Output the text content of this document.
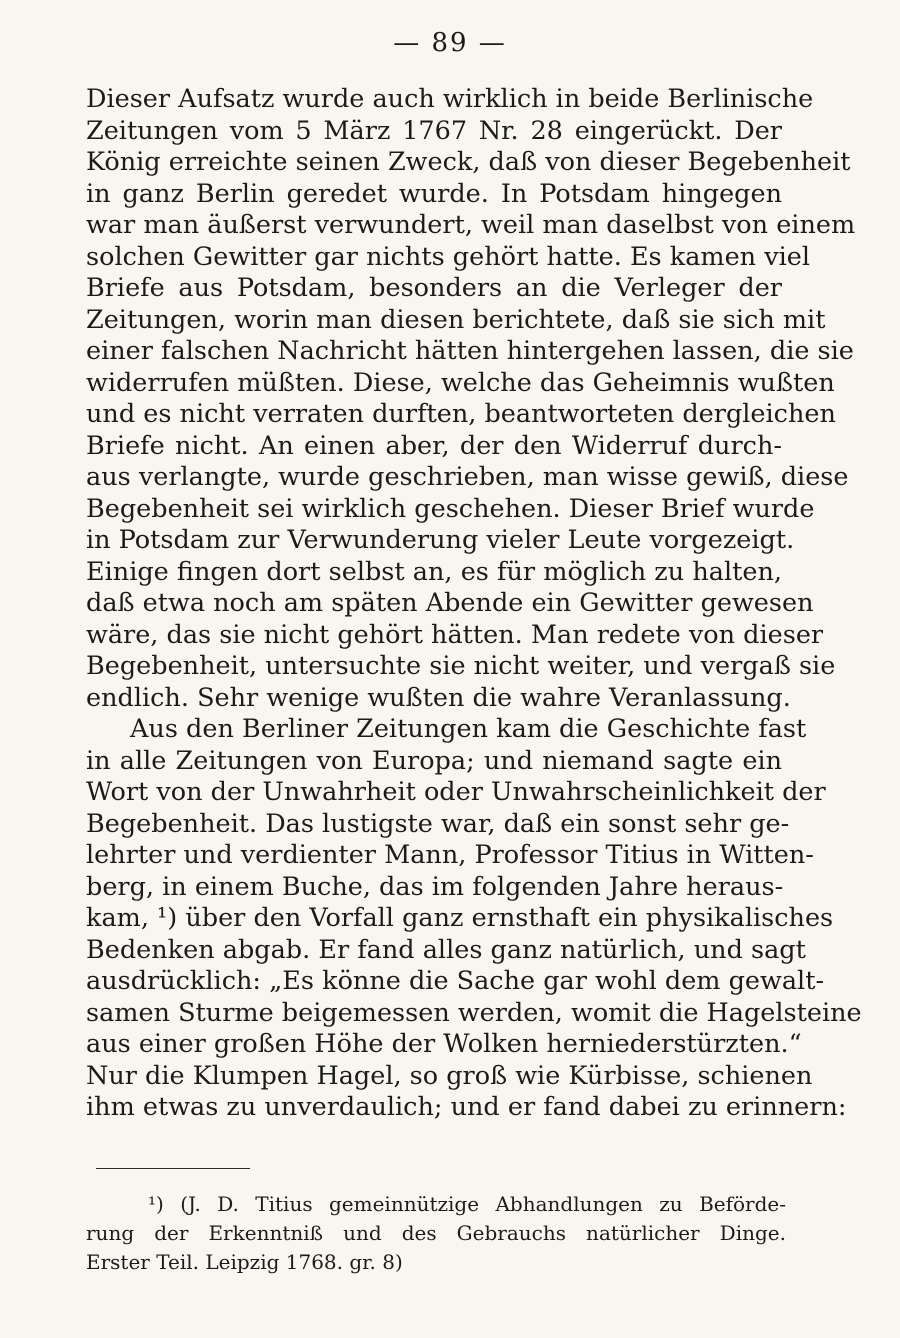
— 89 —
Dieser Aufsatz wurde auch wirklich in beide Berlinische
Zeitungen vom 5 März 1767 Nr. 28 eingerückt. Der
König erreichte seinen Zweck, daß von dieser Begebenheit
in ganz Berlin geredet wurde. In Potsdam hingegen
war man äußerst verwundert, weil man daselbst von einem
solchen Gewitter gar nichts gehört hatte. Es kamen viel
Briefe aus Potsdam, besonders an die Verleger der
Zeitungen, worin man diesen berichtete, daß sie sich mit
einer falschen Nachricht hätten hintergehen lassen, die sie
widerrufen müßten. Diese, welche das Geheimnis wußten
und es nicht verraten durften, beantworteten dergleichen
Briefe nicht. An einen aber, der den Widerruf durch-
aus verlangte, wurde geschrieben, man wisse gewiß, diese
Begebenheit sei wirklich geschehen. Dieser Brief wurde
in Potsdam zur Verwunderung vieler Leute vorgezeigt.
Einige fingen dort selbst an, es für möglich zu halten,
daß etwa noch am späten Abende ein Gewitter gewesen
wäre, das sie nicht gehört hätten. Man redete von dieser
Begebenheit, untersuchte sie nicht weiter, und vergaß sie
endlich. Sehr wenige wußten die wahre Veranlassung.
Aus den Berliner Zeitungen kam die Geschichte fast
in alle Zeitungen von Europa; und niemand sagte ein
Wort von der Unwahrheit oder Unwahrscheinlichkeit der
Begebenheit. Das lustigste war, daß ein sonst sehr ge-
lehrter und verdienter Mann, Professor Titius in Witten-
berg, in einem Buche, das im folgenden Jahre heraus-
kam, ¹) über den Vorfall ganz ernsthaft ein physikalisches
Bedenken abgab. Er fand alles ganz natürlich, und sagt
ausdrücklich: „Es könne die Sache gar wohl dem gewalt-
samen Sturme beigemessen werden, womit die Hagelsteine
aus einer großen Höhe der Wolken herniederstürzten.“
Nur die Klumpen Hagel, so groß wie Kürbisse, schienen
ihm etwas zu unverdaulich; und er fand dabei zu erinnern:
¹) (J. D. Titius gemeinnützige Abhandlungen zu Beförde-
rung der Erkenntniß und des Gebrauchs natürlicher Dinge.
Erster Teil. Leipzig 1768. gr. 8)
